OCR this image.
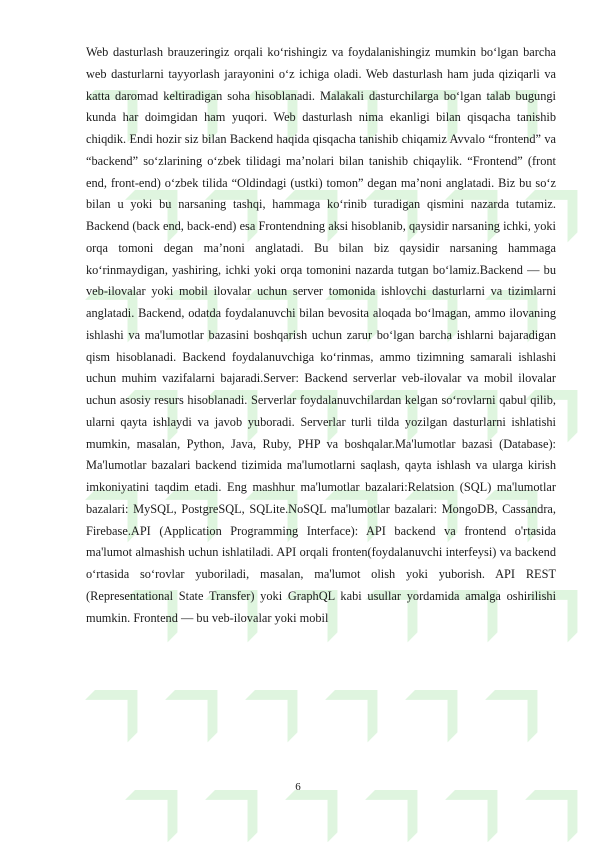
Web dasturlash brauzeringiz orqali ko‘rishingiz va foydalanishingiz mumkin bo‘lgan barcha web dasturlarni tayyorlash jarayonini o‘z ichiga oladi. Web dasturlash ham juda qiziqarli va katta daromad keltiradigan soha hisoblanadi. Malakali dasturchilarga bo‘lgan talab bugungi kunda har doimgidan ham yuqori. Web dasturlash nima ekanligi bilan qisqacha tanishib chiqdik. Endi hozir siz bilan Backend haqida qisqacha tanishib chiqamiz Avvalo “frontend” va “backend” so‘zlarining o‘zbek tilidagi ma’nolari bilan tanishib chiqaylik. “Frontend” (front end, front-end) o‘zbek tilida “Oldindagi (ustki) tomon” degan ma’noni anglatadi. Biz bu so‘z bilan u yoki bu narsaning tashqi, hammaga ko‘rinib turadigan qismini nazarda tutamiz. Backend (back end, back-end) esa Frontendning aksi hisoblanib, qaysidir narsaning ichki, yoki orqa tomoni degan ma’noni anglatadi. Bu bilan biz qaysidir narsaning hammaga ko‘rinmaydigan, yashiring, ichki yoki orqa tomonini nazarda tutgan bo‘lamiz.Backend — bu veb-ilovalar yoki mobil ilovalar uchun server tomonida ishlovchi dasturlarni va tizimlarni anglatadi. Backend, odatda foydalanuvchi bilan bevosita aloqada bo‘lmagan, ammo ilovaning ishlashi va ma'lumotlar bazasini boshqarish uchun zarur bo‘lgan barcha ishlarni bajaradigan qism hisoblanadi. Backend foydalanuvchiga ko‘rinmas, ammo tizimning samarali ishlashi uchun muhim vazifalarni bajaradi.Server: Backend serverlar veb-ilovalar va mobil ilovalar uchun asosiy resurs hisoblanadi. Serverlar foydalanuvchilardan kelgan so‘rovlarni qabul qilib, ularni qayta ishlaydi va javob yuboradi. Serverlar turli tilda yozilgan dasturlarni ishlatishi mumkin, masalan, Python, Java, Ruby, PHP va boshqalar.Ma'lumotlar bazasi (Database): Ma'lumotlar bazalari backend tizimida ma'lumotlarni saqlash, qayta ishlash va ularga kirish imkoniyatini taqdim etadi. Eng mashhur ma'lumotlar bazalari:Relatsion (SQL) ma'lumotlar bazalari: MySQL, PostgreSQL, SQLite.NoSQL ma'lumotlar bazalari: MongoDB, Cassandra, Firebase.API (Application Programming Interface): API backend va frontend o'rtasida ma'lumot almashish uchun ishlatiladi. API orqali fronten(foydalanuvchi interfeysi) va backend o‘rtasida so‘rovlar yuboriladi, masalan, ma'lumot olish yoki yuborish. API REST (Representational State Transfer) yoki GraphQL kabi usullar yordamida amalga oshirilishi mumkin. Frontend — bu veb-ilovalar yoki mobil

6
